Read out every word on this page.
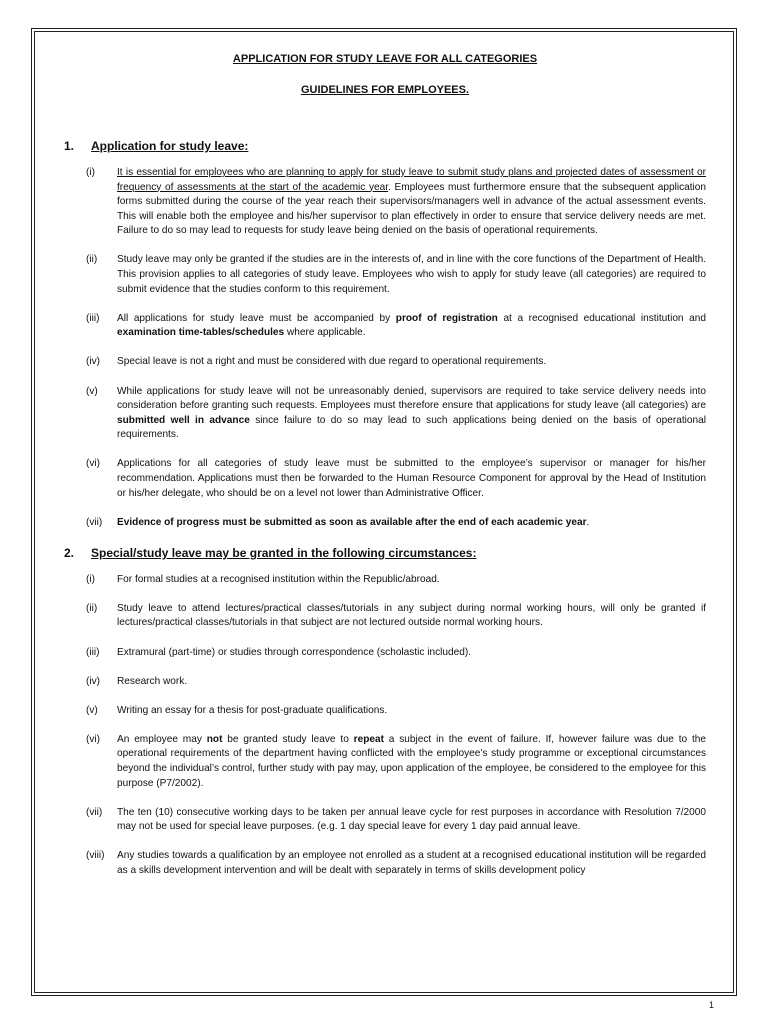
APPLICATION FOR STUDY LEAVE FOR ALL CATEGORIES

GUIDELINES FOR EMPLOYEES.

1.	Application for study leave:
(i)	It is essential for employees who are planning to apply for study leave to submit study plans and projected dates of assessment or frequency of assessments at the start of the academic year. Employees must furthermore ensure that the subsequent application forms submitted during the course of the year reach their supervisors/managers well in advance of the actual assessment events. This will enable both the employee and his/her supervisor to plan effectively in order to ensure that service delivery needs are met. Failure to do so may lead to requests for study leave being denied on the basis of operational requirements.
(ii)	Study leave may only be granted if the studies are in the interests of, and in line with the core functions of the Department of Health. This provision applies to all categories of study leave. Employees who wish to apply for study leave (all categories) are required to submit evidence that the studies conform to this requirement.
(iii)	All applications for study leave must be accompanied by proof of registration at a recognised educational institution and examination time-tables/schedules where applicable.
(iv)	Special leave is not a right and must be considered with due regard to operational requirements.
(v)	While applications for study leave will not be unreasonably denied, supervisors are required to take service delivery needs into consideration before granting such requests. Employees must therefore ensure that applications for study leave (all categories) are submitted well in advance since failure to do so may lead to such applications being denied on the basis of operational requirements.
(vi)	Applications for all categories of study leave must be submitted to the employee’s supervisor or manager for his/her recommendation. Applications must then be forwarded to the Human Resource Component for approval by the Head of Institution or his/her delegate, who should be on a level not lower than Administrative Officer.
(vii)	Evidence of progress must be submitted as soon as available after the end of each academic year.
2.	Special/study leave may be granted in the following circumstances:
(i)	For formal studies at a recognised institution within the Republic/abroad.
(ii)	Study leave to attend lectures/practical classes/tutorials in any subject during normal working hours, will only be granted if lectures/practical classes/tutorials in that subject are not lectured outside normal working hours.
(iii)	Extramural (part-time) or studies through correspondence (scholastic included).
(iv)	Research work.
(v)	Writing an essay for a thesis for post-graduate qualifications.
(vi)	An employee may not be granted study leave to repeat a subject in the event of failure. If, however failure was due to the operational requirements of the department having conflicted with the employee’s study programme or exceptional circumstances beyond the individual’s control, further study with pay may, upon application of the employee, be considered to the employee for this purpose (P7/2002).
(vii)	The ten (10) consecutive working days to be taken per annual leave cycle for rest purposes in accordance with Resolution 7/2000 may not be used for special leave purposes. (e.g. 1 day special leave for every 1 day paid annual leave.
(viii)	Any studies towards a qualification by an employee not enrolled as a student at a recognised educational institution will be regarded as a skills development intervention and will be dealt with separately in terms of skills development policy
1
